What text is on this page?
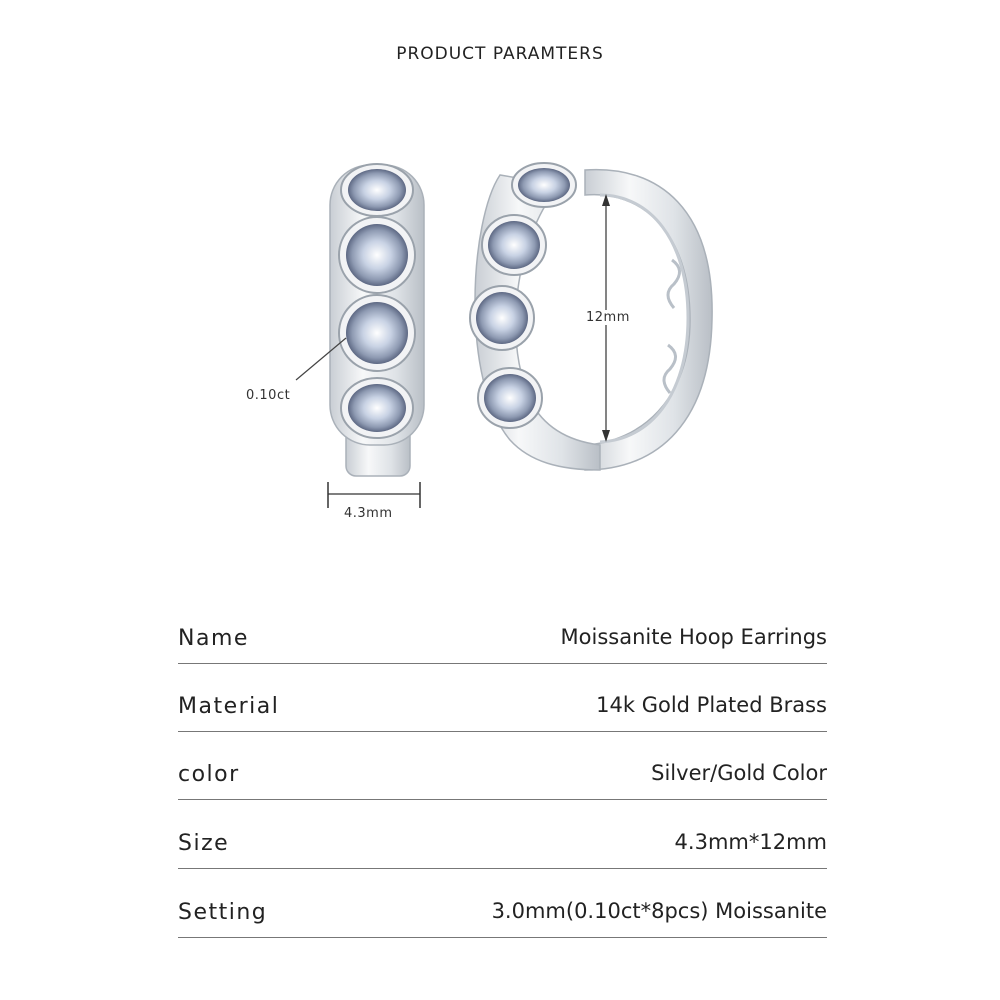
PRODUCT PARAMTERS
0.10ct
4.3mm
12mm
Name	Moissanite Hoop Earrings
Material	14k Gold Plated Brass
color	Silver/Gold Color
Size	4.3mm*12mm
Setting	3.0mm(0.10ct*8pcs) Moissanite
